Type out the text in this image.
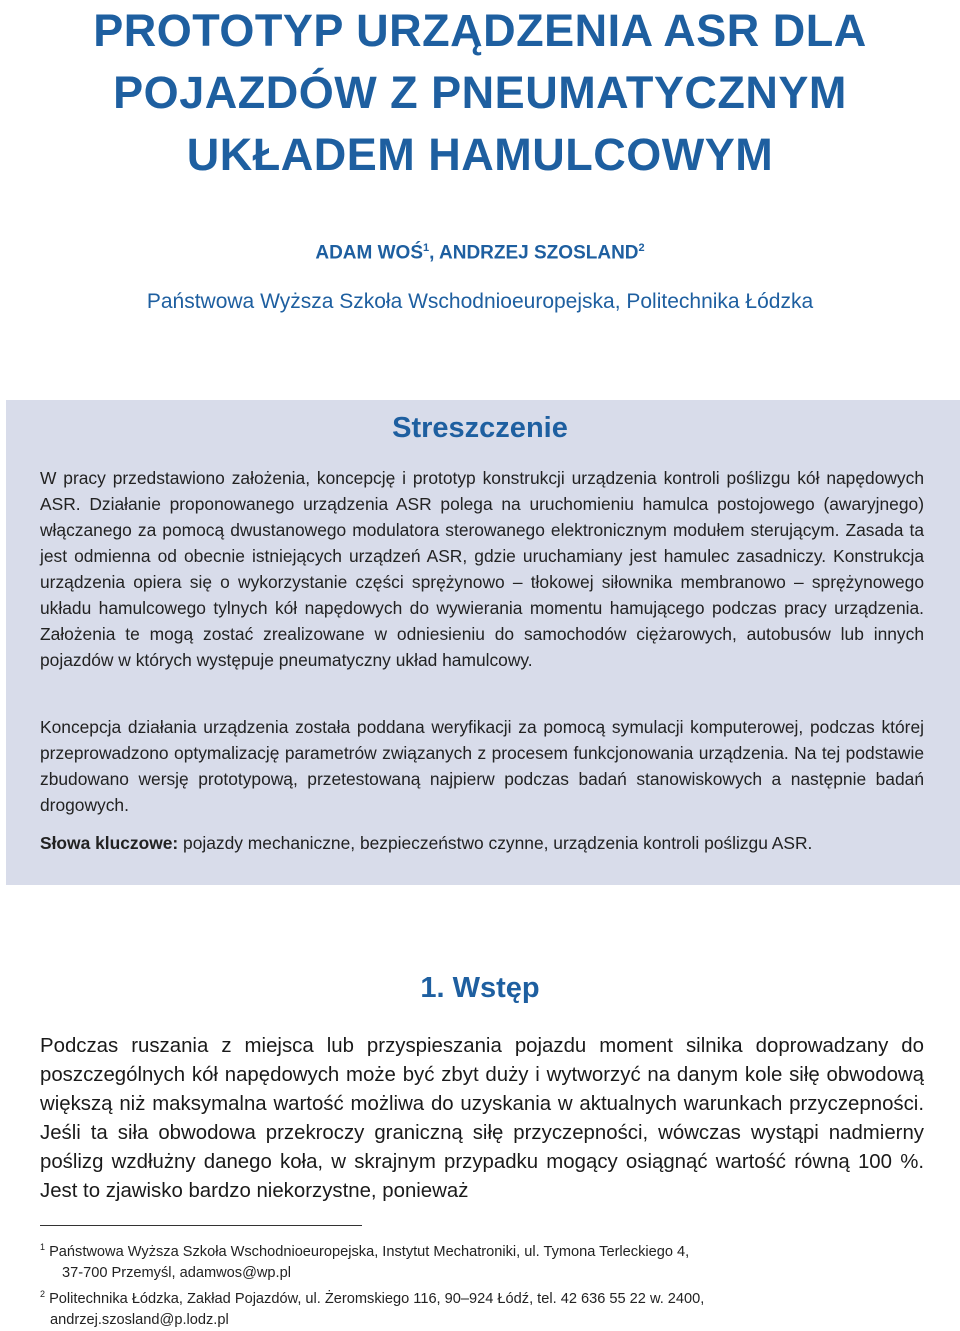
PROTOTYP URZĄDZENIA ASR DLA
POJAZDÓW Z PNEUMATYCZNYM
UKŁADEM HAMULCOWYM
ADAM WOŚ$^1$, ANDRZEJ SZOSLAND$^2$
Państwowa Wyższa Szkoła Wschodnioeuropejska, Politechnika Łódzka
Streszczenie

W pracy przedstawiono założenia, koncepcję i prototyp konstrukcji urządzenia kontroli poślizgu kół napędowych ASR. Działanie proponowanego urządzenia ASR polega na uruchomieniu hamulca postojowego (awaryjnego) włączanego za pomocą dwustanowego modulatora sterowanego elektronicznym modułem sterującym. Zasada ta jest odmienna od obecnie istniejących urządzeń ASR, gdzie uruchamiany jest hamulec zasadniczy. Konstrukcja urządzenia opiera się o wykorzystanie części sprężynowo – tłokowej siłownika membranowo – sprężynowego układu hamulcowego tylnych kół napędowych do wywierania momentu hamującego podczas pracy urządzenia. Założenia te mogą zostać zrealizowane w odniesieniu do samochodów ciężarowych, autobusów lub innych pojazdów w których występuje pneumatyczny układ hamulcowy.

Koncepcja działania urządzenia została poddana weryfikacji za pomocą symulacji komputerowej, podczas której przeprowadzono optymalizację parametrów związanych z procesem funkcjonowania urządzenia. Na tej podstawie zbudowano wersję prototypową, przetestowaną najpierw podczas badań stanowiskowych a następnie badań drogowych.

Słowa kluczowe: pojazdy mechaniczne, bezpieczeństwo czynne, urządzenia kontroli poślizgu ASR.

1. Wstęp

Podczas ruszania z miejsca lub przyspieszania pojazdu moment silnika doprowadzany do poszczególnych kół napędowych może być zbyt duży i wytworzyć na danym kole siłę obwodową większą niż maksymalna wartość możliwa do uzyskania w aktualnych warunkach przyczepności. Jeśli ta siła obwodowa przekroczy graniczną siłę przyczepności, wówczas wystąpi nadmierny poślizg wzdłużny danego koła, w skrajnym przypadku mogący osiągnąć wartość równą 100 %. Jest to zjawisko bardzo niekorzystne, ponieważ

$^1$ Państwowa Wyższa Szkoła Wschodnioeuropejska, Instytut Mechatroniki, ul. Tymona Terleckiego 4,
37-700 Przemyśl, adamwos@wp.pl

$^2$ Politechnika Łódzka, Zakład Pojazdów, ul. Żeromskiego 116, 90–924 Łódź, tel. 42 636 55 22 w. 2400,
andrzej.szosland@p.lodz.pl
